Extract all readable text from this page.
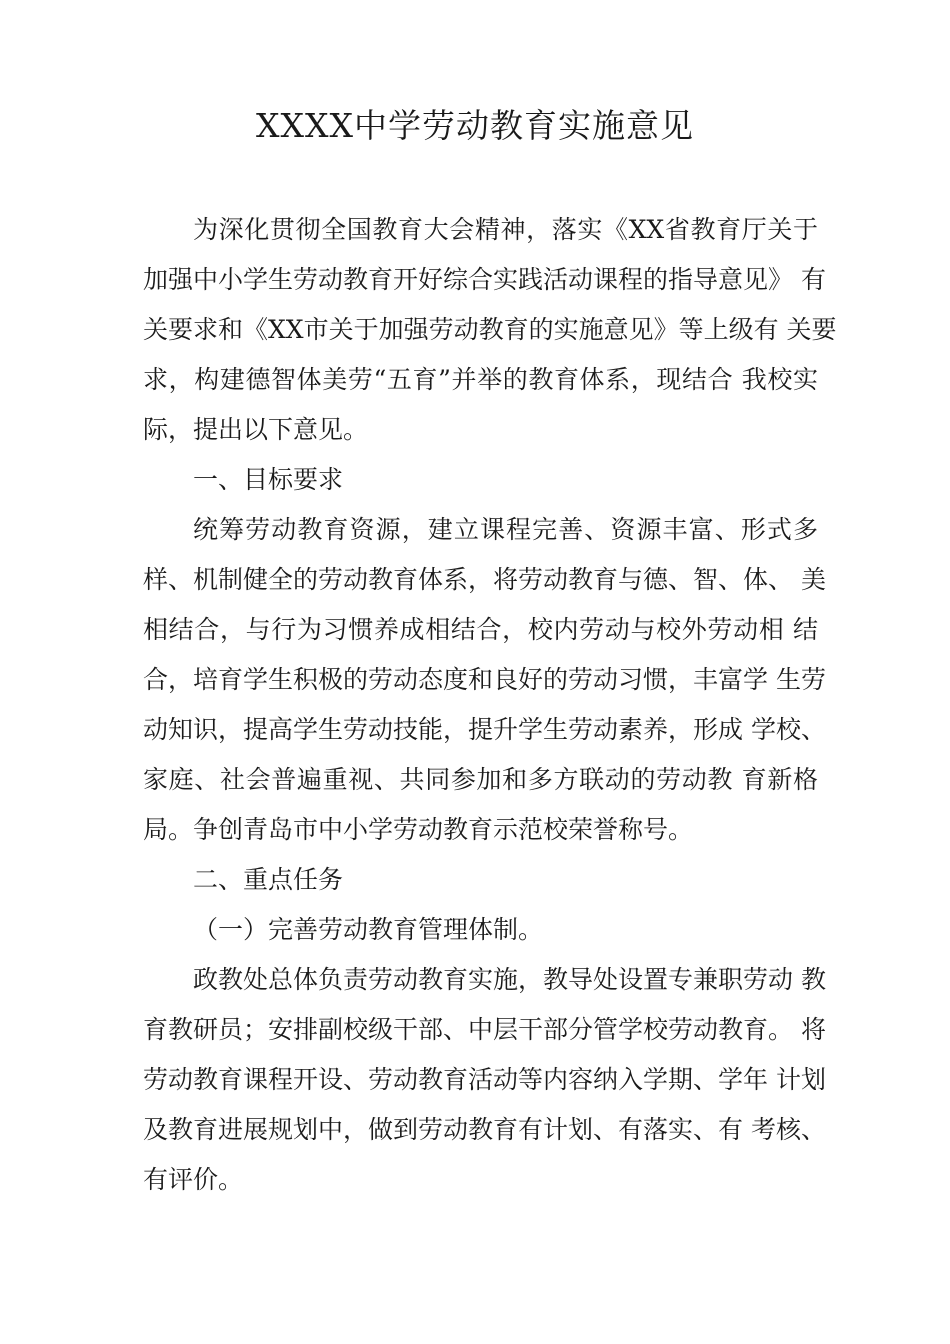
XXXX中学劳动教育实施意见
为深化贯彻全国教育大会精神，落实《XX省教育厅关于
加强中小学生劳动教育开好综合实践活动课程的指导意见》 有
关要求和《XX市关于加强劳动教育的实施意见》等上级有 关要
求，构建德智体美劳“五育”并举的教育体系，现结合 我校实
际，提出以下意见。
一、目标要求
统筹劳动教育资源，建立课程完善、资源丰富、形式多
样、机制健全的劳动教育体系，将劳动教育与德、智、体、 美
相结合，与行为习惯养成相结合，校内劳动与校外劳动相 结
合，培育学生积极的劳动态度和良好的劳动习惯，丰富学 生劳
动知识，提高学生劳动技能，提升学生劳动素养，形成 学校、
家庭、社会普遍重视、共同参加和多方联动的劳动教 育新格
局。争创青岛市中小学劳动教育示范校荣誉称号。
二、重点任务
（一）完善劳动教育管理体制。
政教处总体负责劳动教育实施，教导处设置专兼职劳动 教
育教研员；安排副校级干部、中层干部分管学校劳动教育。 将
劳动教育课程开设、劳动教育活动等内容纳入学期、学年 计划
及教育进展规划中，做到劳动教育有计划、有落实、有 考核、
有评价。
